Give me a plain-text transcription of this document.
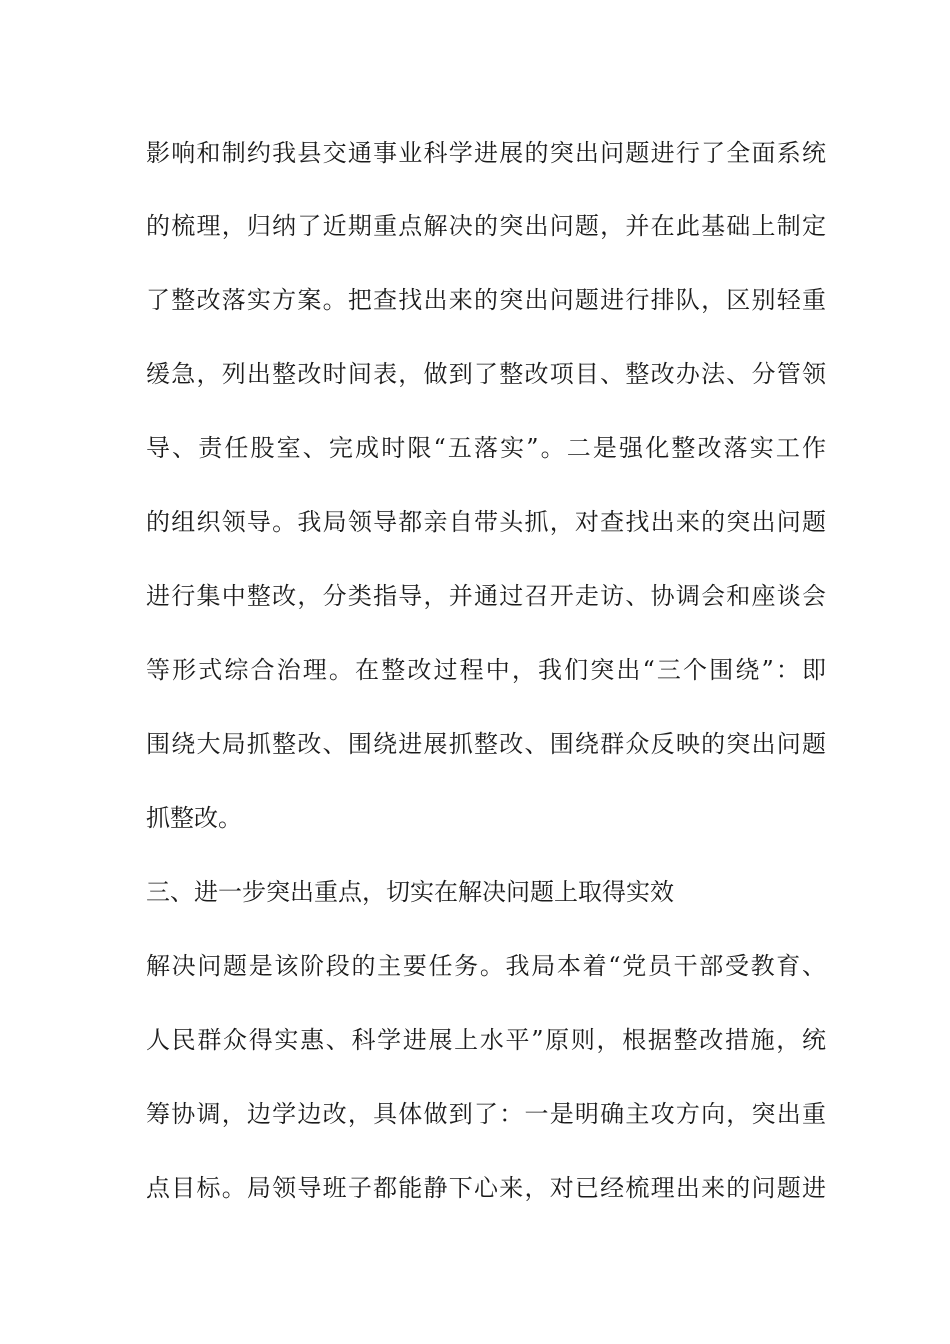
影响和制约我县交通事业科学进展的突出问题进行了全面系统
的梳理，归纳了近期重点解决的突出问题，并在此基础上制定
了整改落实方案。把查找出来的突出问题进行排队，区别轻重
缓急，列出整改时间表，做到了整改项目、整改办法、分管领
导、责任股室、完成时限“五落实”。二是强化整改落实工作
的组织领导。我局领导都亲自带头抓，对查找出来的突出问题
进行集中整改，分类指导，并通过召开走访、协调会和座谈会
等形式综合治理。在整改过程中，我们突出“三个围绕”：即
围绕大局抓整改、围绕进展抓整改、围绕群众反映的突出问题
抓整改。
三、进一步突出重点，切实在解决问题上取得实效
解决问题是该阶段的主要任务。我局本着“党员干部受教育、
人民群众得实惠、科学进展上水平”原则，根据整改措施，统
筹协调，边学边改，具体做到了：一是明确主攻方向，突出重
点目标。局领导班子都能静下心来，对已经梳理出来的问题进
